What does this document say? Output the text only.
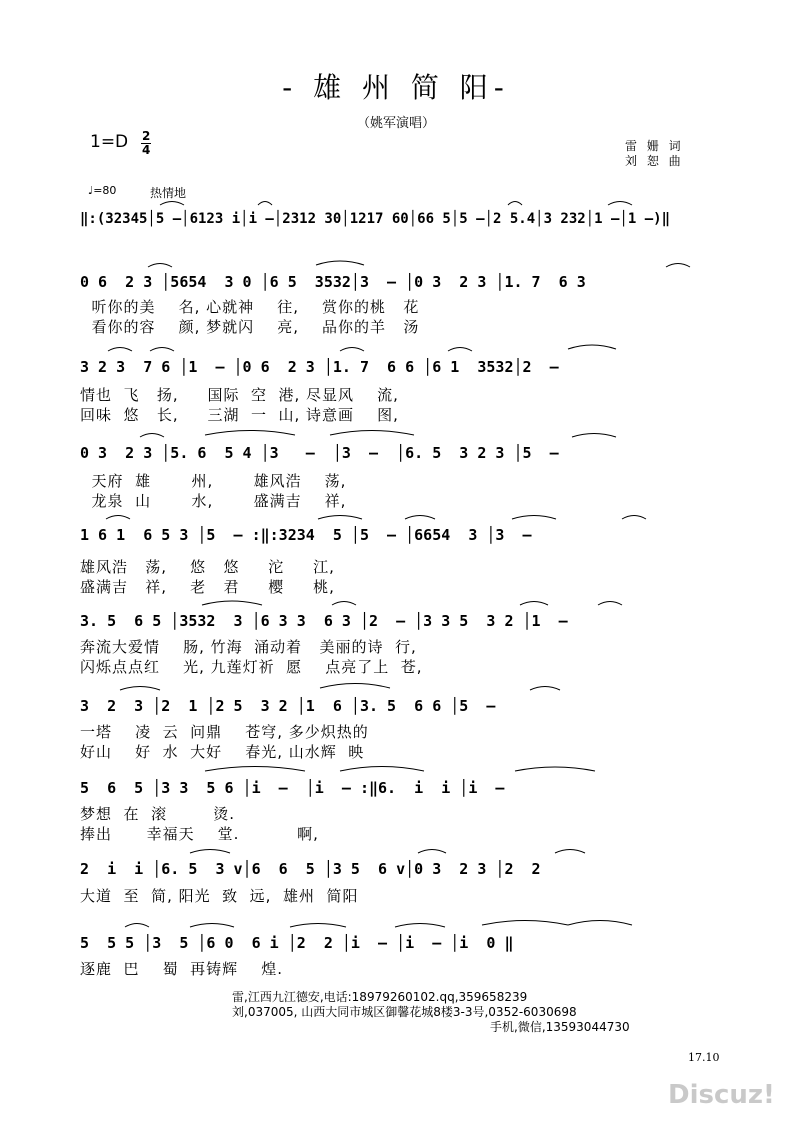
- 雄 州 简 阳-
（姚军演唱）
1=D 2
4	雷 姗 词
刘 恕 曲
♩=80	热情地
‖:(32345│5 –│6123 i│i –│2312 30│1217 60│66 5│5 –│2 5.4│3 232│1 –│1 –)‖
0 6  2 3 │5654  3 0 │6 5  3532│3  – │0 3  2 3 │1. 7  6 3
听你的美    名, 心就神    往,    赏你的桃   花
看你的容    颜, 梦就闪    亮,    品你的羊   汤
3 2 3  7 6 │1  – │0 6  2 3 │1. 7  6 6 │6 1  3532│2  –
情也  飞   扬,     国际  空  港, 尽显风    流,
回味  悠   长,     三湖  一  山, 诗意画    图,
0 3  2 3 │5. 6  5 4 │3   –  │3  –  │6. 5  3 2 3 │5  –
天府  雄       州,       雄风浩    荡,
龙泉  山       水,       盛满吉    祥,
1 6 1  6 5 3 │5  – :‖:3234  5 │5  – │6654  3 │3  –
雄风浩   荡,    悠   悠     沱     江,
盛满吉   祥,    老   君     樱     桃,
3. 5  6 5 │3532  3 │6 3 3  6 3 │2  – │3 3 5  3 2 │1  –
奔流大爱情    肠, 竹海  涌动着   美丽的诗  行,
闪烁点点红    光, 九莲灯祈  愿    点亮了上  苍,
3  2  3 │2  1 │2 5  3 2 │1  6 │3. 5  6 6 │5  –
一塔    凌  云  问鼎    苍穹, 多少炽热的
好山    好  水  大好    春光, 山水辉  映
5  6  5 │3 3  5 6 │i  –  │i  – :‖6.  i  i │i  –
梦想  在  滚        烫.
捧出      幸福天    堂.          啊,
2  i  i │6. 5  3 v│6  6  5 │3 5  6 v│0 3  2 3 │2  2
大道  至  简, 阳光  致  远,  雄州  简阳
5  5 5 │3  5 │6 0  6 i │2  2 │i  – │i  – │i  0 ‖
逐鹿  巴    蜀  再铸辉    煌.
雷,江西九江德安,电话:18979260102.qq,359658239
刘,037005, 山西大同市城区御馨花城8楼3-3号,0352-6030698
手机,微信,13593044730
17.10
Discuz!
